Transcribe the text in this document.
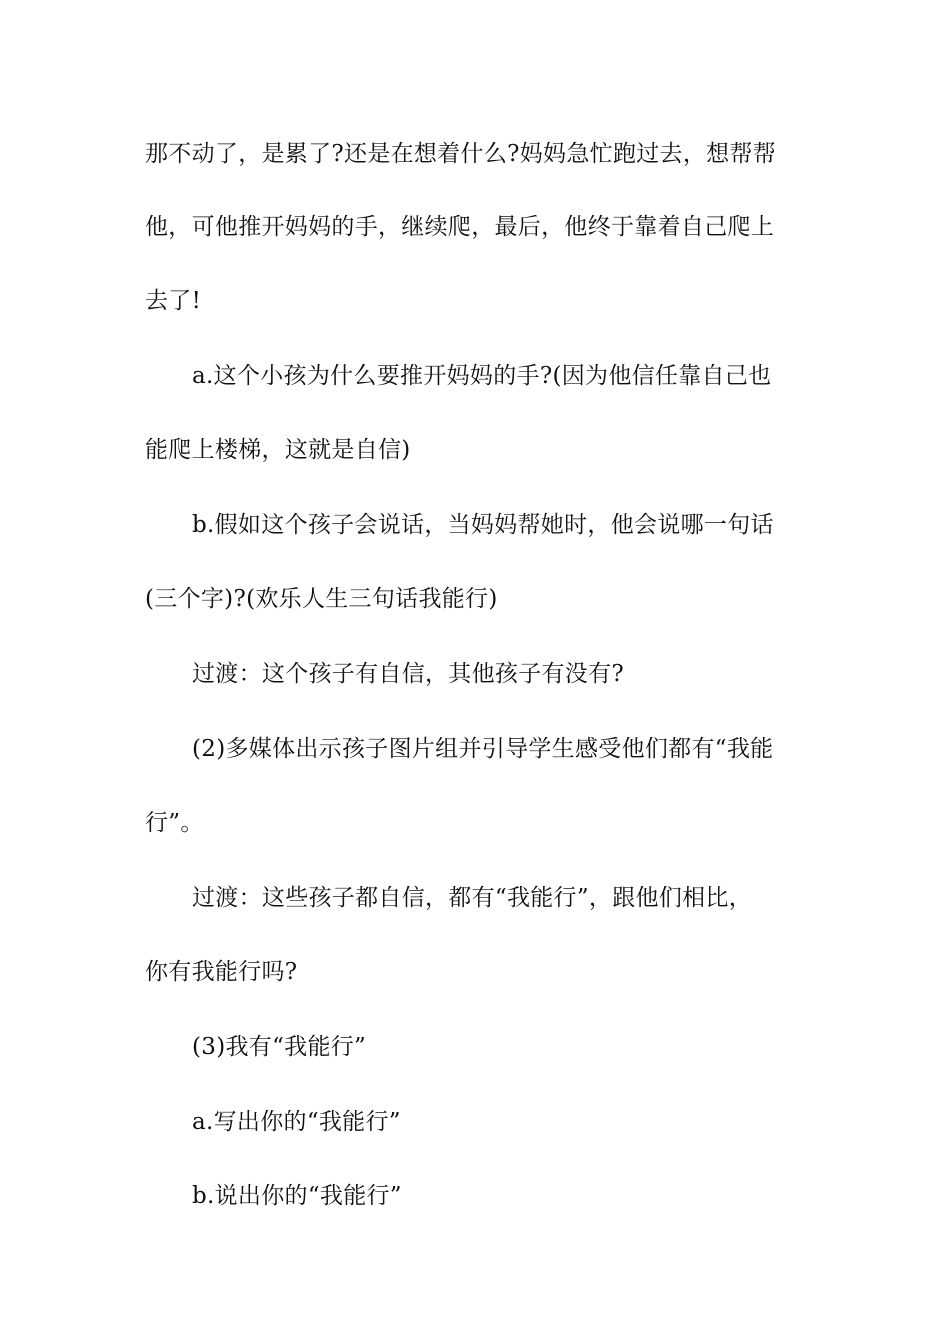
那不动了，是累了?还是在想着什么?妈妈急忙跑过去，想帮帮
他，可他推开妈妈的手，继续爬，最后，他终于靠着自己爬上
去了!
a.这个小孩为什么要推开妈妈的手?(因为他信任靠自己也
能爬上楼梯，这就是自信)
b.假如这个孩子会说话，当妈妈帮她时，他会说哪一句话
(三个字)?(欢乐人生三句话我能行)
过渡：这个孩子有自信，其他孩子有没有?
(2)多媒体出示孩子图片组并引导学生感受他们都有“我能
行”。
过渡：这些孩子都自信，都有“我能行”，跟他们相比，
你有我能行吗?
(3)我有“我能行”
a.写出你的“我能行”
b.说出你的“我能行”
